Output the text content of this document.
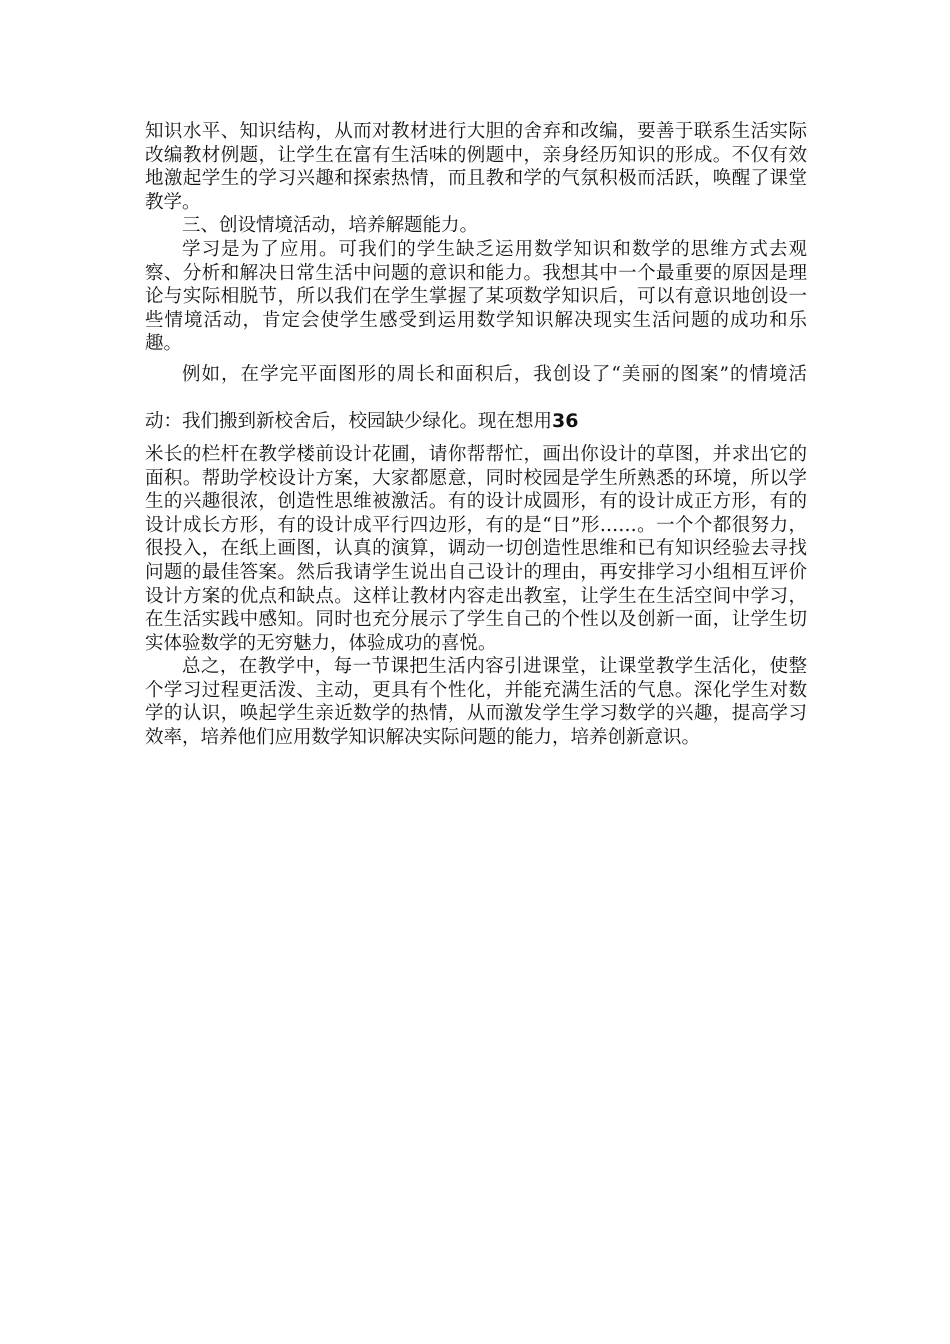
知识水平、知识结构，从而对教材进行大胆的舍弃和改编，要善于联系生活实际改编教材例题，让学生在富有生活味的例题中，亲身经历知识的形成。不仅有效地激起学生的学习兴趣和探索热情，而且教和学的气氛积极而活跃，唤醒了课堂教学。

三、创设情境活动，培养解题能力。

学习是为了应用。可我们的学生缺乏运用数学知识和数学的思维方式去观察、分析和解决日常生活中问题的意识和能力。我想其中一个最重要的原因是理论与实际相脱节，所以我们在学生掌握了某项数学知识后，可以有意识地创设一些情境活动，肯定会使学生感受到运用数学知识解决现实生活问题的成功和乐趣。

例如，在学完平面图形的周长和面积后，我创设了“美丽的图案”的情境活动：我们搬到新校舍后，校园缺少绿化。现在想用36

米长的栏杆在教学楼前设计花圃，请你帮帮忙，画出你设计的草图，并求出它的面积。帮助学校设计方案，大家都愿意，同时校园是学生所熟悉的环境，所以学生的兴趣很浓，创造性思维被激活。有的设计成圆形，有的设计成正方形，有的设计成长方形，有的设计成平行四边形，有的是“日”形……。一个个都很努力，很投入，在纸上画图，认真的演算，调动一切创造性思维和已有知识经验去寻找问题的最佳答案。然后我请学生说出自己设计的理由，再安排学习小组相互评价设计方案的优点和缺点。这样让教材内容走出教室，让学生在生活空间中学习，在生活实践中感知。同时也充分展示了学生自己的个性以及创新一面，让学生切实体验数学的无穷魅力，体验成功的喜悦。

总之，在教学中，每一节课把生活内容引进课堂，让课堂教学生活化，使整个学习过程更活泼、主动，更具有个性化，并能充满生活的气息。深化学生对数学的认识，唤起学生亲近数学的热情，从而激发学生学习数学的兴趣，提高学习效率，培养他们应用数学知识解决实际问题的能力，培养创新意识。
